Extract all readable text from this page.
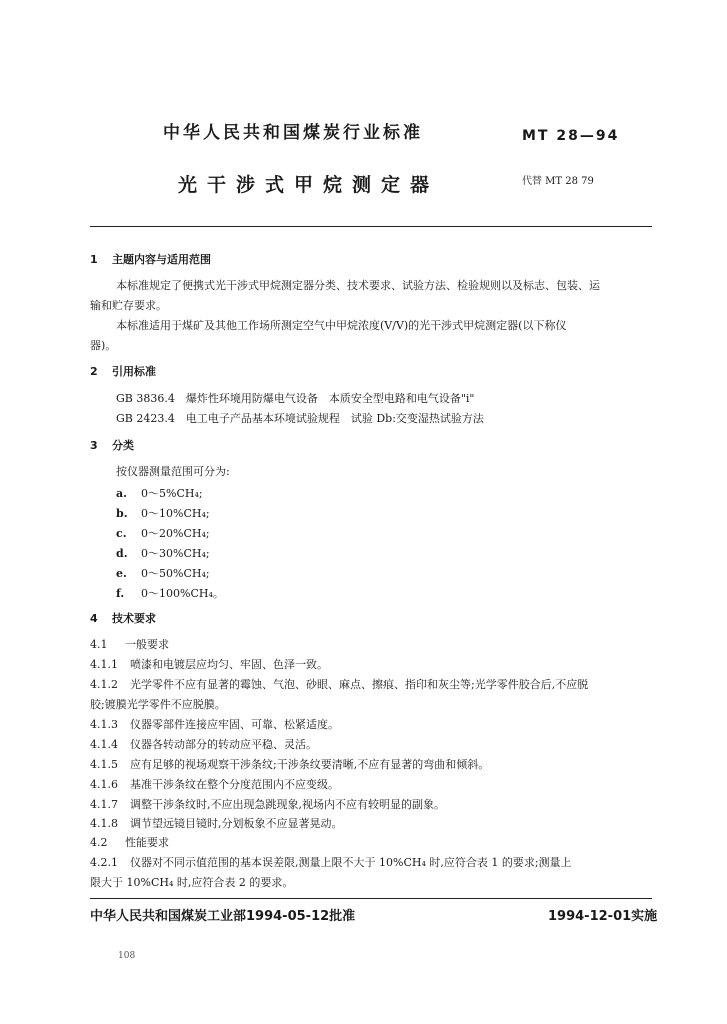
中华人民共和国煤炭行业标准	MT 28—94
光干涉式甲烷测定器	代替 MT 28 79
1 主题内容与适用范围
本标准规定了便携式光干涉式甲烷测定器分类、技术要求、试验方法、检验规则以及标志、包装、运
输和贮存要求。
本标准适用于煤矿及其他工作场所测定空气中甲烷浓度(V/V)的光干涉式甲烷测定器(以下称仪
器)。
2 引用标准
GB 3836.4　爆炸性环境用防爆电气设备　本质安全型电路和电气设备"i"
GB 2423.4　电工电子产品基本环境试验规程　试验 Db:交变湿热试验方法
3 分类
按仪器测量范围可分为:
a. 0～5%CH₄;
b. 0～10%CH₄;
c. 0～20%CH₄;
d. 0～30%CH₄;
e. 0～50%CH₄;
f. 0～100%CH₄。
4 技术要求
4.1 一般要求
4.1.1 喷漆和电镀层应均匀、牢固、色泽一致。
4.1.2 光学零件不应有显著的霉蚀、气泡、砂眼、麻点、擦痕、指印和灰尘等;光学零件胶合后,不应脱
胶;镀膜光学零件不应脱膜。
4.1.3 仪器零部件连接应牢固、可靠、松紧适度。
4.1.4 仪器各转动部分的转动应平稳、灵活。
4.1.5 应有足够的视场观察干涉条纹;干涉条纹要清晰,不应有显著的弯曲和倾斜。
4.1.6 基准干涉条纹在整个分度范围内不应变级。
4.1.7 调整干涉条纹时,不应出现急跳现象,视场内不应有较明显的副象。
4.1.8 调节望远镜目镜时,分划板象不应显著晃动。
4.2 性能要求
4.2.1 仪器对不同示值范围的基本误差限,测量上限不大于 10%CH₄ 时,应符合表 1 的要求;测量上
限大于 10%CH₄ 时,应符合表 2 的要求。
中华人民共和国煤炭工业部1994-05-12批准	1994-12-01实施
108
